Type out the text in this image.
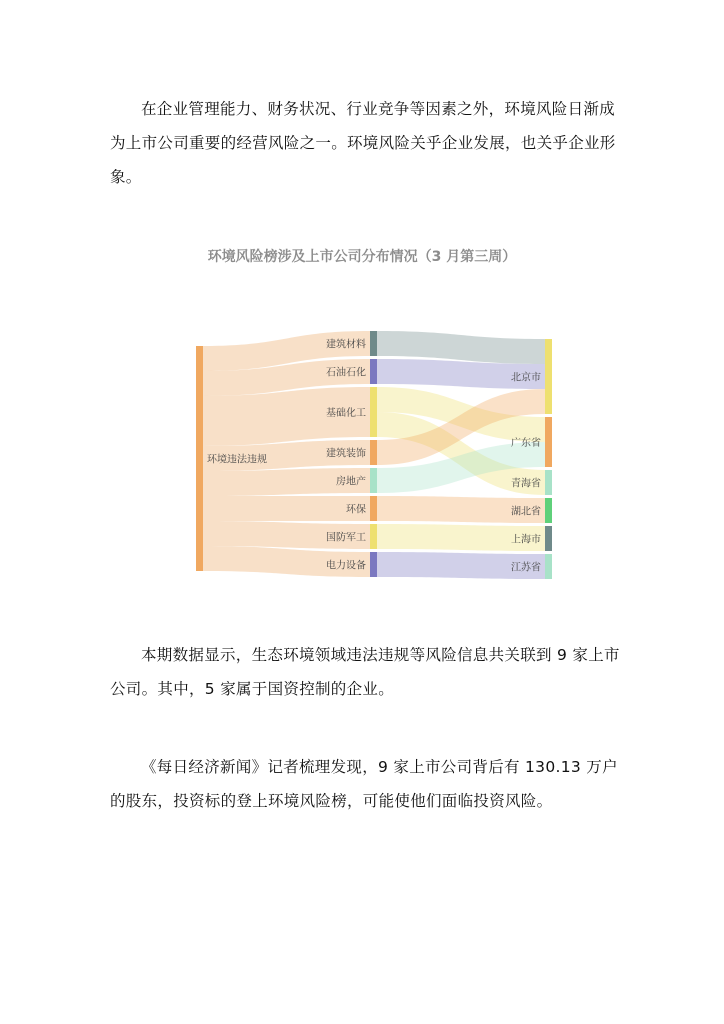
在企业管理能力、财务状况、行业竞争等因素之外，环境风险日渐成为上市公司重要的经营风险之一。环境风险关乎企业发展，也关乎企业形象。

环境风险榜涉及上市公司分布情况（3 月第三周）

建筑材料
石油石化
基础化工
建筑装饰
房地产
环保
国防军工
电力设备
环境违法违规
北京市
广东省
青海省
湖北省
上海市
江苏省

本期数据显示，生态环境领域违法违规等风险信息共关联到 9 家上市公司。其中，5 家属于国资控制的企业。

《每日经济新闻》记者梳理发现，9 家上市公司背后有 130.13 万户的股东，投资标的登上环境风险榜，可能使他们面临投资风险。
